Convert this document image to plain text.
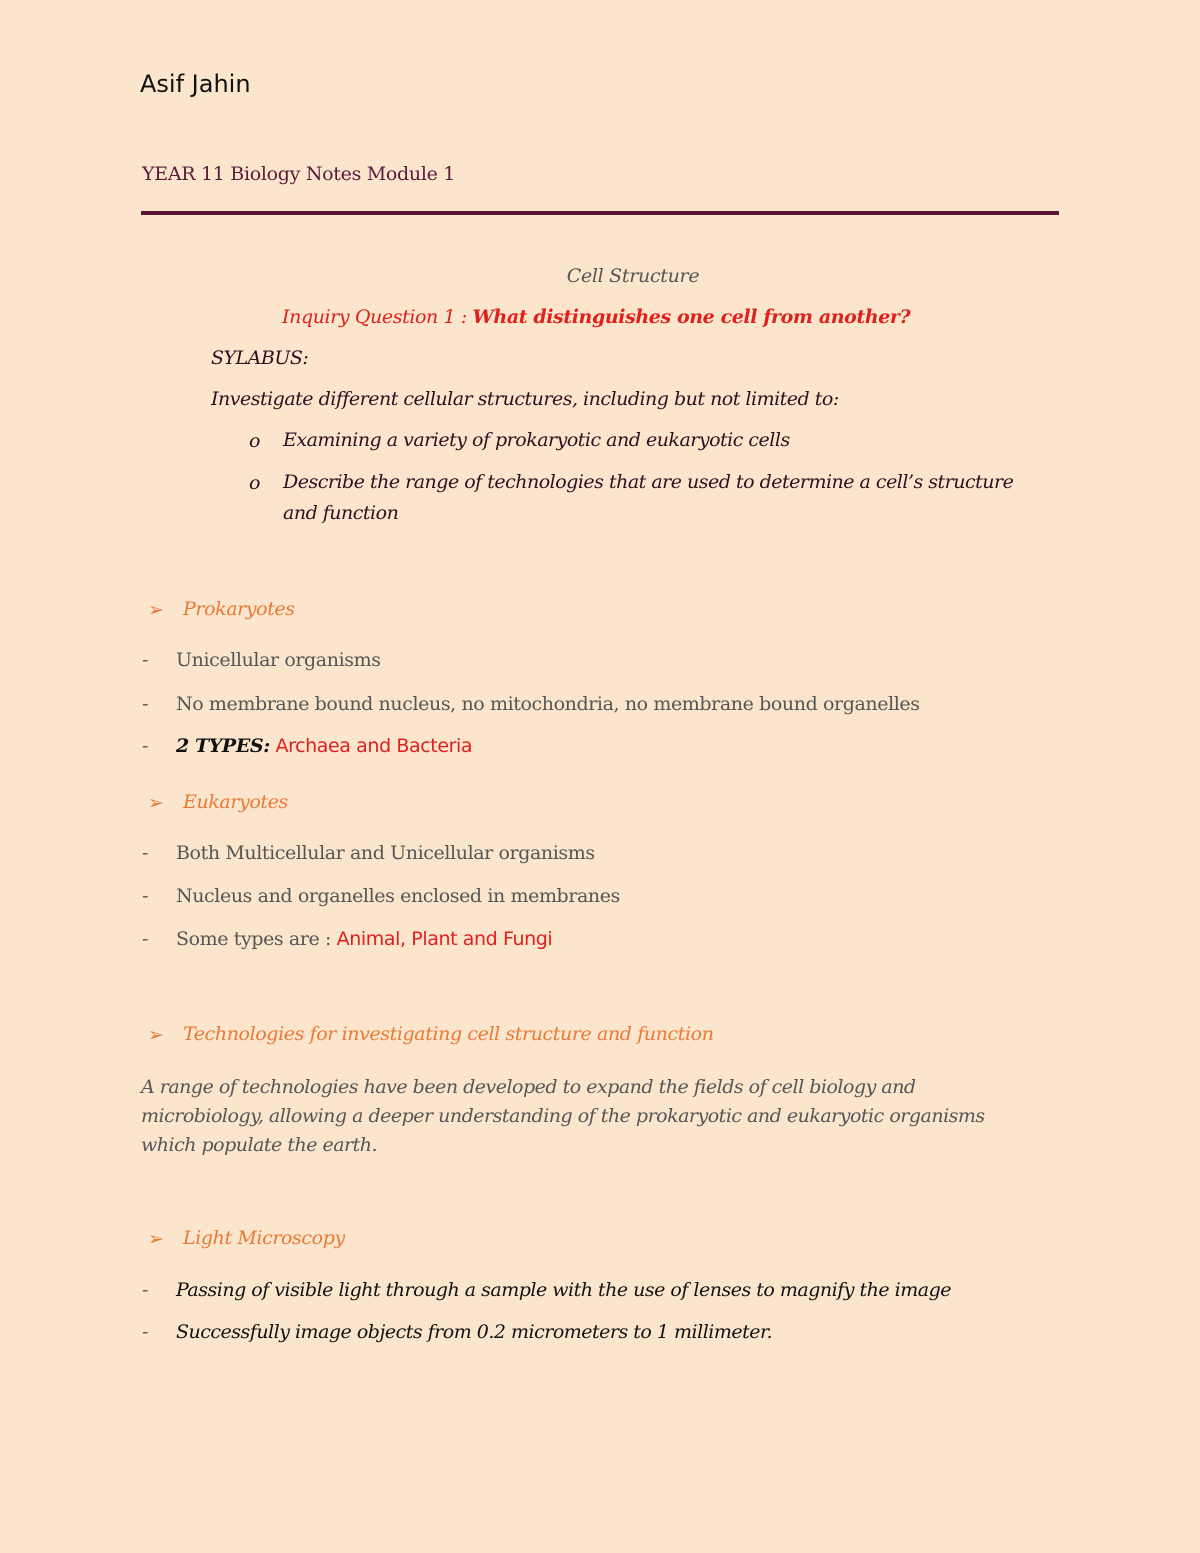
Asif Jahin
YEAR 11 Biology Notes Module 1
Cell Structure
Inquiry Question 1 : What distinguishes one cell from another?
SYLABUS:
Investigate different cellular structures, including but not limited to:
o Examining a variety of prokaryotic and eukaryotic cells
o Describe the range of technologies that are used to determine a cell’s structure
and function
➢ Prokaryotes
- Unicellular organisms
- No membrane bound nucleus, no mitochondria, no membrane bound organelles
- 2 TYPES: Archaea and Bacteria
➢ Eukaryotes
- Both Multicellular and Unicellular organisms
- Nucleus and organelles enclosed in membranes
- Some types are : Animal, Plant and Fungi
➢ Technologies for investigating cell structure and function
A range of technologies have been developed to expand the fields of cell biology and microbiology, allowing a deeper understanding of the prokaryotic and eukaryotic organisms which populate the earth.
➢ Light Microscopy
- Passing of visible light through a sample with the use of lenses to magnify the image
- Successfully image objects from 0.2 micrometers to 1 millimeter.
